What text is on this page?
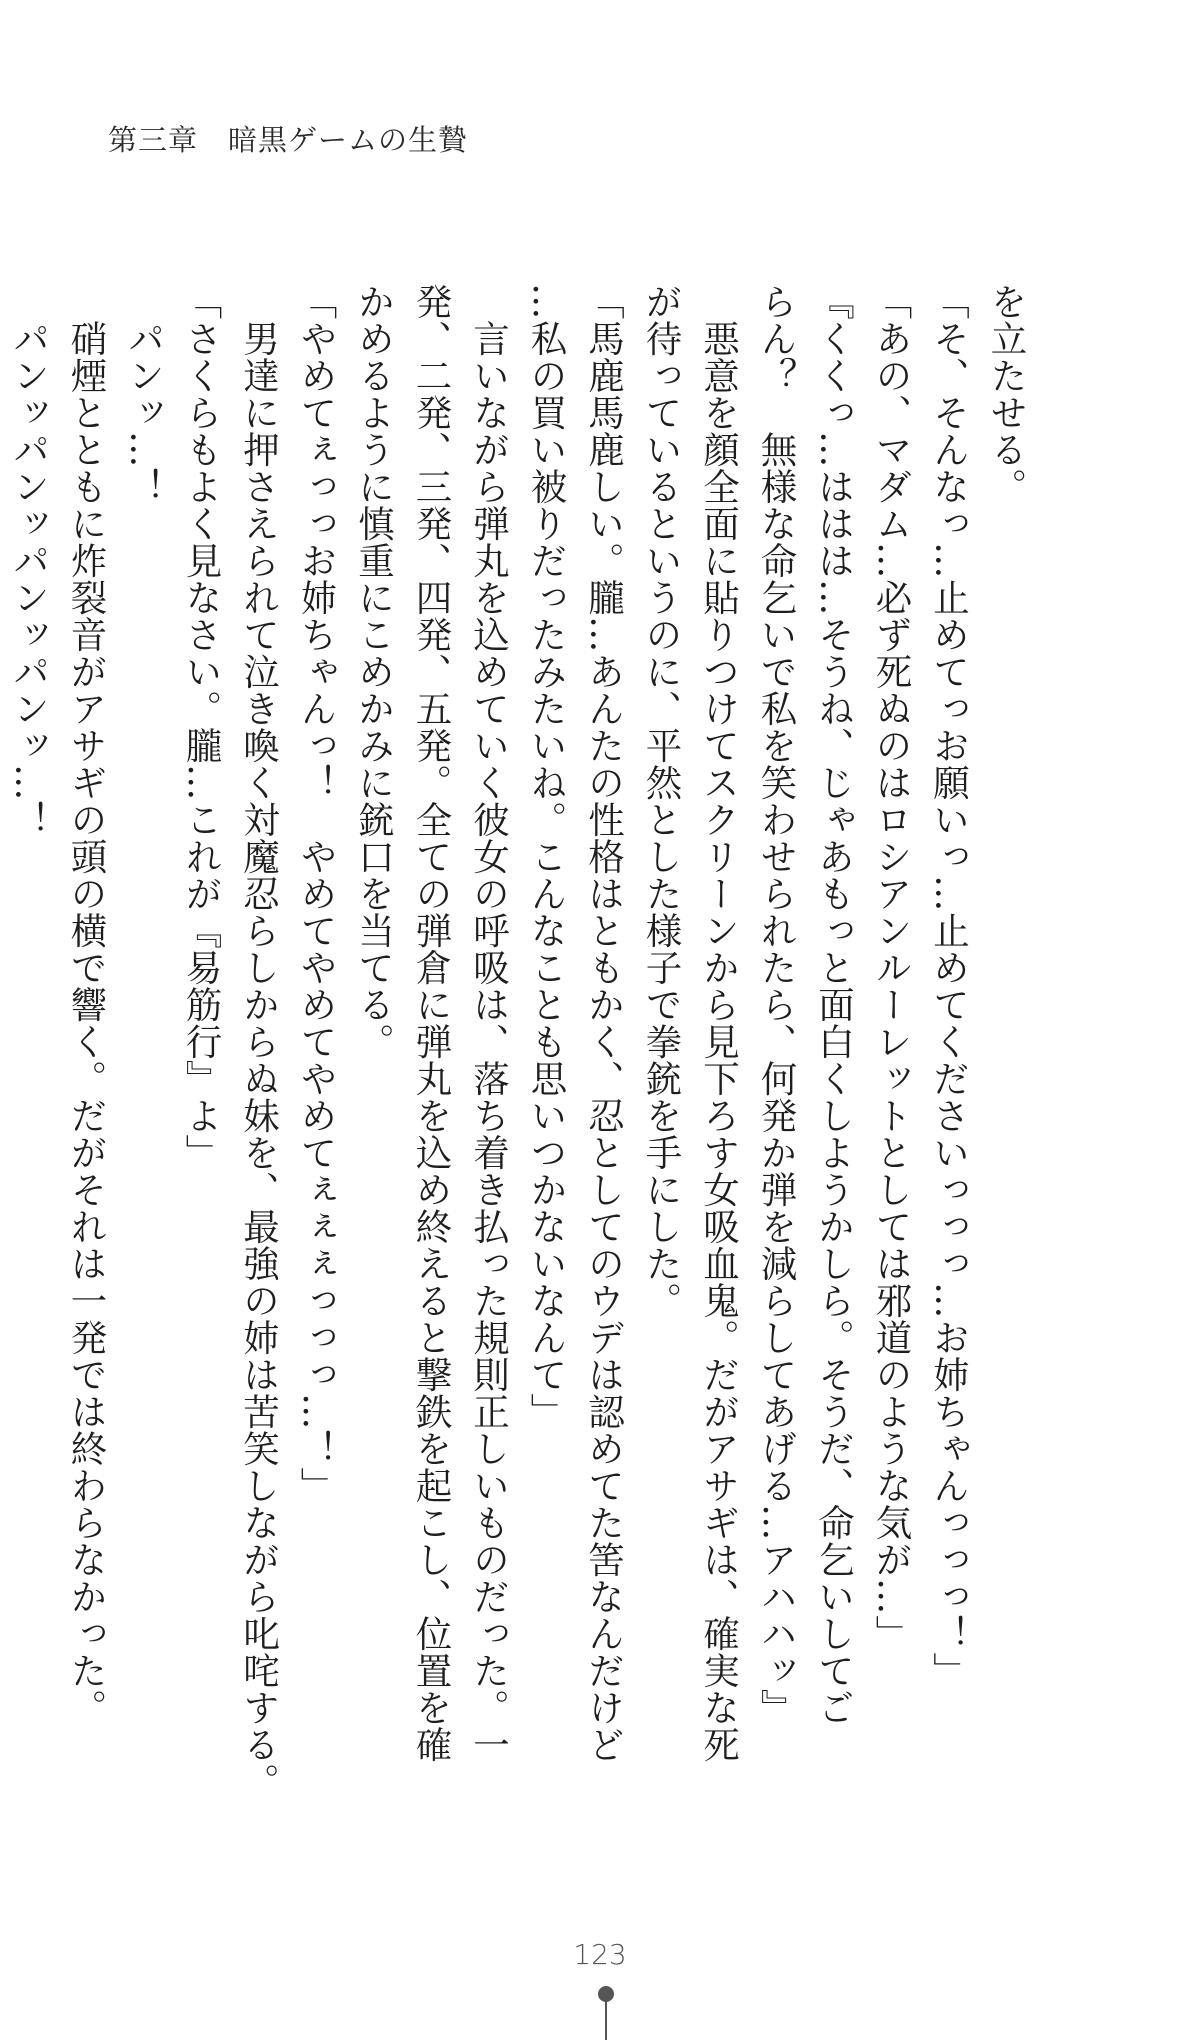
第三章　暗黒ゲームの生贄

を立たせる。

「そ、そんなっ…止めてっお願いっ…止めてくださいっっっ…お姉ちゃんっっっ！」

「あの、マダム…必ず死ぬのはロシアンルーレットとしては邪道のような気が…」

『くくっ…ははは…そうね、じゃあもっと面白くしようかしら。そうだ、命乞いしてご

らん？　無様な命乞いで私を笑わせられたら、何発か弾を減らしてあげる…アハハッ』

　悪意を顔全面に貼りつけてスクリーンから見下ろす女吸血鬼。だがアサギは、確実な死

が待っているというのに、平然とした様子で拳銃を手にした。

「馬鹿馬鹿しい。朧…あんたの性格はともかく、忍としてのウデは認めてた筈なんだけど

…私の買い被りだったみたいね。こんなことも思いつかないなんて」

　言いながら弾丸を込めていく彼女の呼吸は、落ち着き払った規則正しいものだった。一

発、二発、三発、四発、五発。全ての弾倉に弾丸を込め終えると撃鉄を起こし、位置を確

かめるように慎重にこめかみに銃口を当てる。

「やめてぇっっお姉ちゃんっ！　やめてやめてやめてぇぇぇっっっ…！」

　男達に押さえられて泣き喚く対魔忍らしからぬ妹を、最強の姉は苦笑しながら叱咤する。

「さくらもよく見なさい。朧…これが『易筋行』よ」

　パンッ…！

　硝煙とともに炸裂音がアサギの頭の横で響く。だがそれは一発では終わらなかった。

　パンッパンッパンッパンッ…！

123
